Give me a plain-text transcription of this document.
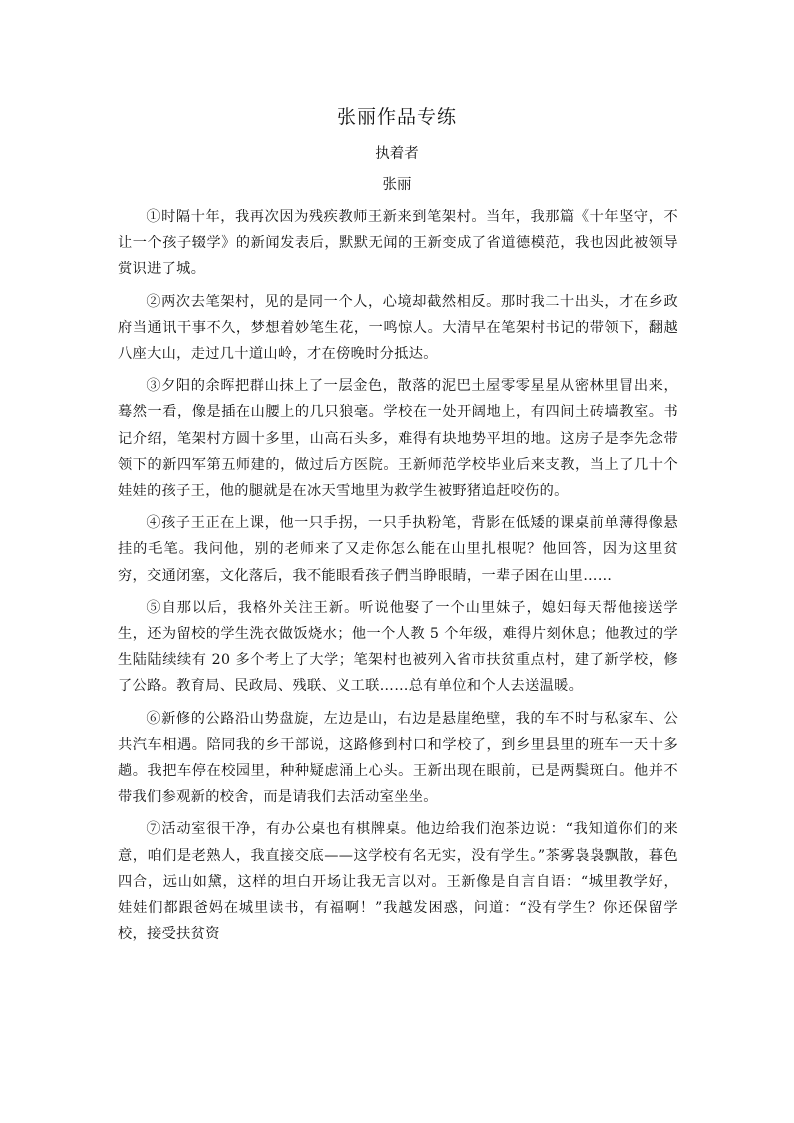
张丽作品专练
执着者
张丽

①时隔十年，我再次因为残疾教师王新来到笔架村。当年，我那篇《十年坚守，不让一个孩子辍学》的新闻发表后，默默无闻的王新变成了省道德模范，我也因此被领导赏识进了城。

②两次去笔架村，见的是同一个人，心境却截然相反。那时我二十出头，才在乡政府当通讯干事不久，梦想着妙笔生花，一鸣惊人。大清早在笔架村书记的带领下，翻越八座大山，走过几十道山岭，才在傍晚时分抵达。

③夕阳的余晖把群山抹上了一层金色，散落的泥巴土屋零零星星从密林里冒出来，蓦然一看，像是插在山腰上的几只狼毫。学校在一处开阔地上，有四间土砖墙教室。书记介绍，笔架村方圆十多里，山高石头多，难得有块地势平坦的地。这房子是李先念带领下的新四军第五师建的，做过后方医院。王新师范学校毕业后来支教，当上了几十个娃娃的孩子王，他的腿就是在冰天雪地里为救学生被野猪追赶咬伤的。

④孩子王正在上课，他一只手拐，一只手执粉笔，背影在低矮的课桌前单薄得像悬挂的毛笔。我问他，别的老师来了又走你怎么能在山里扎根呢？他回答，因为这里贫穷，交通闭塞，文化落后，我不能眼看孩子們当睁眼睛，一辈子困在山里……

⑤自那以后，我格外关注王新。听说他娶了一个山里妹子，媳妇每天帮他接送学生，还为留校的学生洗衣做饭烧水；他一个人教 5 个年级，难得片刻休息；他教过的学生陆陆续续有 20 多个考上了大学；笔架村也被列入省市扶贫重点村，建了新学校，修了公路。教育局、民政局、残联、义工联……总有单位和个人去送温暖。

⑥新修的公路沿山势盘旋，左边是山，右边是悬崖绝壁，我的车不时与私家车、公共汽车相遇。陪同我的乡干部说，这路修到村口和学校了，到乡里县里的班车一天十多趟。我把车停在校园里，种种疑虑涌上心头。王新出现在眼前，已是两鬓斑白。他并不带我们参观新的校舍，而是请我们去活动室坐坐。

⑦活动室很干净，有办公桌也有棋牌桌。他边给我们泡茶边说：“我知道你们的来意，咱们是老熟人，我直接交底——这学校有名无实，没有学生。”茶雾袅袅飘散，暮色四合，远山如黛，这样的坦白开场让我无言以对。王新像是自言自语：“城里教学好，娃娃们都跟爸妈在城里读书，有福啊！”我越发困惑，问道：“没有学生？你还保留学校，接受扶贫资
